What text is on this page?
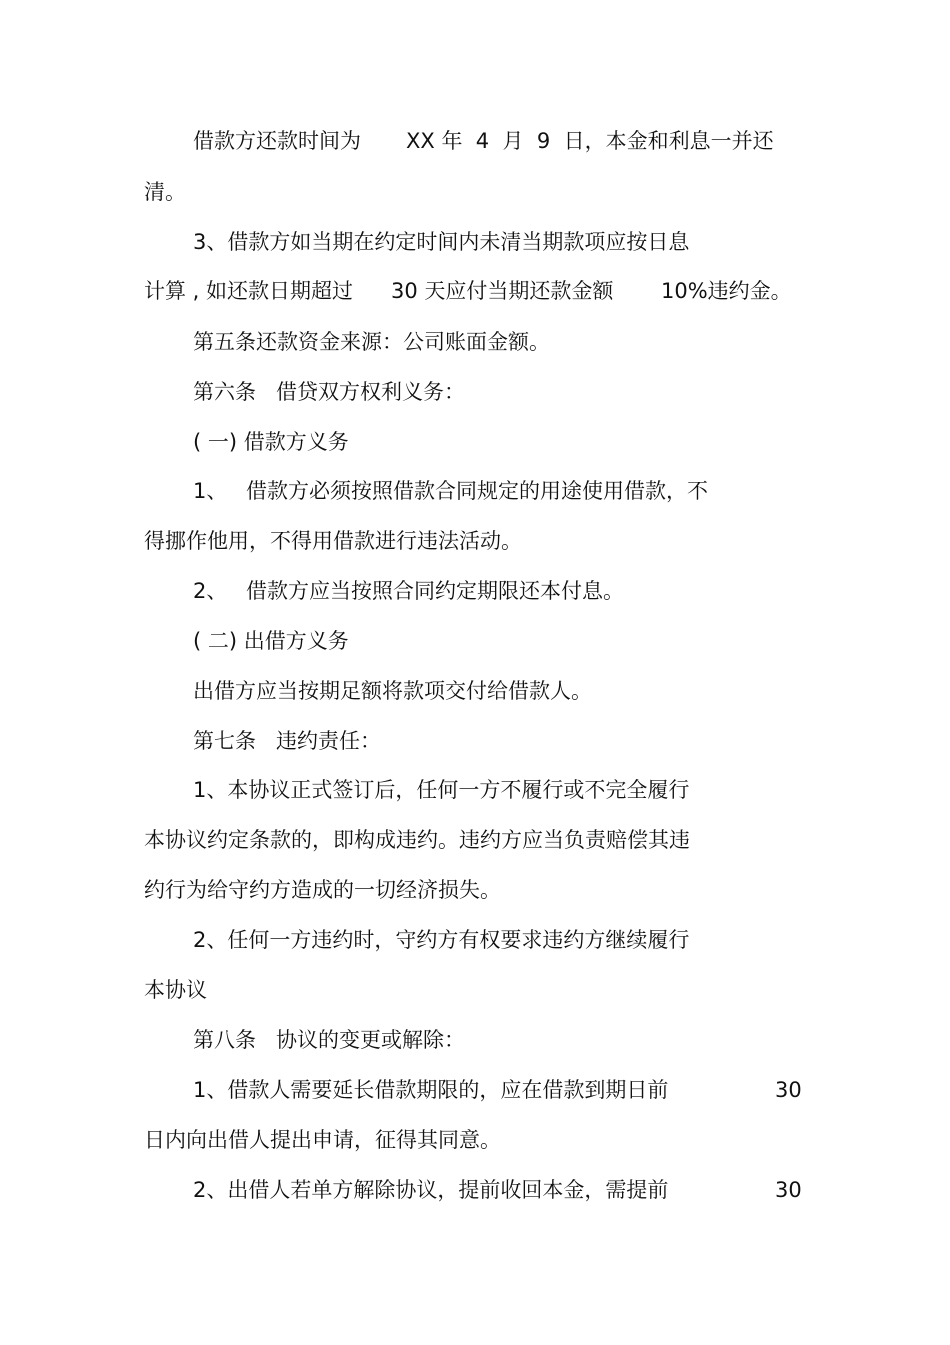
借款方还款时间为

XX 年  4  月  9  日，本金和利息一并还

清。

3、借款方如当期在约定时间内未清当期款项应按日息

计算 , 如还款日期超过

30 天应付当期还款金额

10%违约金。

第五条还款资金来源：公司账面金额。

第六条   借贷双方权利义务：

( 一) 借款方义务

1、

借款方必须按照借款合同规定的用途使用借款，不

得挪作他用，不得用借款进行违法活动。

2、

借款方应当按照合同约定期限还本付息。

( 二) 出借方义务

出借方应当按期足额将款项交付给借款人。

第七条   违约责任：

1、本协议正式签订后，任何一方不履行或不完全履行

本协议约定条款的，即构成违约。违约方应当负责赔偿其违

约行为给守约方造成的一切经济损失。

2、任何一方违约时，守约方有权要求违约方继续履行

本协议

第八条   协议的变更或解除：

1、借款人需要延长借款期限的，应在借款到期日前

	30

日内向出借人提出申请，征得其同意。

2、出借人若单方解除协议，提前收回本金，需提前

	30
